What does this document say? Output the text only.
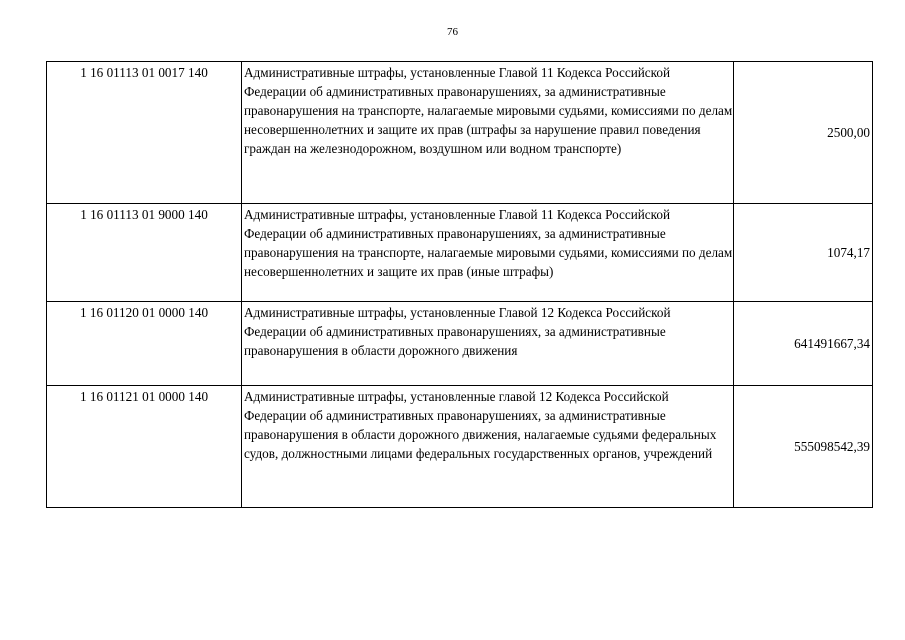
76
1 16 01113 01 0017 140	Административные штрафы, установленные Главой 11 Кодекса Российской Федерации об административных правонарушениях, за административные правонарушения на транспорте, налагаемые мировыми судьями, комиссиями по делам несовершеннолетних и защите их прав (штрафы за нарушение правил поведения граждан на железнодорожном, воздушном или водном транспорте)	2500,00
1 16 01113 01 9000 140	Административные штрафы, установленные Главой 11 Кодекса Российской Федерации об административных правонарушениях, за административные правонарушения на транспорте, налагаемые мировыми судьями, комиссиями по делам несовершеннолетних и защите их прав (иные штрафы)	1074,17
1 16 01120 01 0000 140	Административные штрафы, установленные Главой 12 Кодекса Российской Федерации об административных правонарушениях, за административные правонарушения в области дорожного движения	641491667,34
1 16 01121 01 0000 140	Административные штрафы, установленные главой 12 Кодекса Российской Федерации об административных правонарушениях, за административные правонарушения в области дорожного движения, налагаемые судьями федеральных судов, должностными лицами федеральных государственных органов, учреждений	555098542,39
